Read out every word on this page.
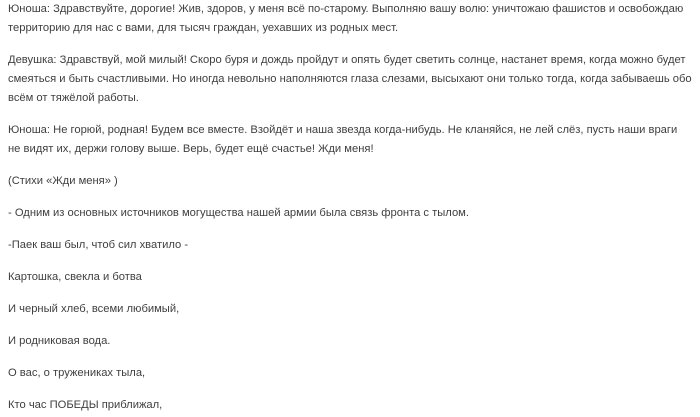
Юноша: Здравствуйте, дорогие! Жив, здоров, у меня всё по-старому. Выполняю вашу волю: уничтожаю фашистов и освобождаю территорию для нас с вами, для тысяч граждан, уехавших из родных мест.

Девушка: Здравствуй, мой милый! Скоро буря и дождь пройдут и опять будет светить солнце, настанет время, когда можно будет смеяться и быть счастливыми. Но иногда невольно наполняются глаза слезами, высыхают они только тогда, когда забываешь обо всём от тяжёлой работы.

Юноша: Не горюй, родная! Будем все вместе. Взойдёт и наша звезда когда-нибудь. Не кланяйся, не лей слёз, пусть наши враги не видят их, держи голову выше. Верь, будет ещё счастье! Жди меня!

(Стихи «Жди меня» )

- Одним из основных источников могущества нашей армии была связь фронта с тылом.

-Паек ваш был, чтоб сил хватило -

Картошка, свекла и ботва

И черный хлеб, всеми любимый,

И родниковая вода.

О вас, о тружениках тыла,

Кто час ПОБЕДЫ приближал,
